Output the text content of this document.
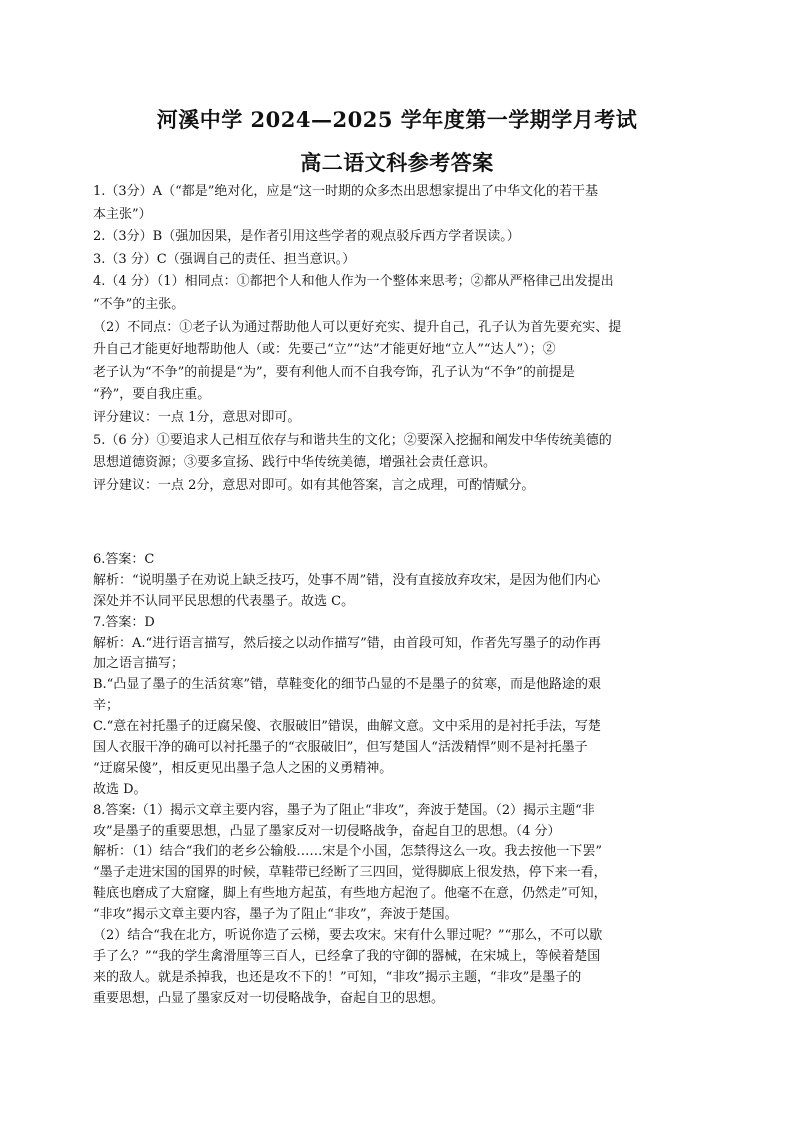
河溪中学 2024—2025 学年度第一学期学月考试
高二语文科参考答案

1.（3分）A（“都是”绝对化，应是“这一时期的众多杰出思想家提出了中华文化的若干基

本主张”）

2.（3分）B（强加因果，是作者引用这些学者的观点驳斥西方学者误读。）

3.（3 分）C（强调自己的责任、担当意识。）

4.（4 分）（1）相同点：①都把个人和他人作为一个整体来思考；②都从严格律己出发提出

“不争”的主张。

（2）不同点：①老子认为通过帮助他人可以更好充实、提升自己，孔子认为首先要充实、提

升自己才能更好地帮助他人（或：先要己“立”“达”才能更好地“立人”“达人”）；②

老子认为“不争”的前提是“为”，要有利他人而不自我夸饰，孔子认为“不争”的前提是

“矜”，要自我庄重。

评分建议：一点 1分，意思对即可。

5.（6 分）①要追求人己相互依存与和谐共生的文化；②要深入挖掘和阐发中华传统美德的

思想道德资源；③要多宣扬、践行中华传统美德，增强社会责任意识。

评分建议：一点 2分，意思对即可。如有其他答案，言之成理，可酌情赋分。

6.答案：C

解析：“说明墨子在劝说上缺乏技巧，处事不周”错，没有直接放弃攻宋，是因为他们内心

深处并不认同平民思想的代表墨子。故选 C。

7.答案：D

解析：A.“进行语言描写，然后接之以动作描写”错，由首段可知，作者先写墨子的动作再

加之语言描写；

B.“凸显了墨子的生活贫寒”错，草鞋变化的细节凸显的不是墨子的贫寒，而是他路途的艰

辛；

C.“意在衬托墨子的迂腐呆傻、衣服破旧”错误，曲解文意。文中采用的是衬托手法，写楚

国人衣服干净的确可以衬托墨子的“衣服破旧”，但写楚国人“活泼精悍”则不是衬托墨子

“迂腐呆傻”，相反更见出墨子急人之困的义勇精神。

故选 D。

8.答案:（1）揭示文章主要内容，墨子为了阻止“非攻”，奔波于楚国。（2）揭示主题“非

攻”是墨子的重要思想，凸显了墨家反对一切侵略战争，奋起自卫的思想。（4 分）

解析：（1）结合“我们的老乡公输般……宋是个小国，怎禁得这么一攻。我去按他一下罢”

“墨子走进宋国的国界的时候，草鞋带已经断了三四回，觉得脚底上很发热，停下来一看，

鞋底也磨成了大窟窿，脚上有些地方起茧，有些地方起泡了。他毫不在意，仍然走”可知，

“非攻”揭示文章主要内容，墨子为了阻止“非攻”，奔波于楚国。

（2）结合“我在北方，听说你造了云梯，要去攻宋。宋有什么罪过呢？”“那么，不可以歇

手了么？”“我的学生禽滑厘等三百人，已经拿了我的守御的器械，在宋城上，等候着楚国

来的敌人。就是杀掉我，也还是攻不下的！”可知，“非攻”揭示主题，“非攻”是墨子的

重要思想，凸显了墨家反对一切侵略战争，奋起自卫的思想。
